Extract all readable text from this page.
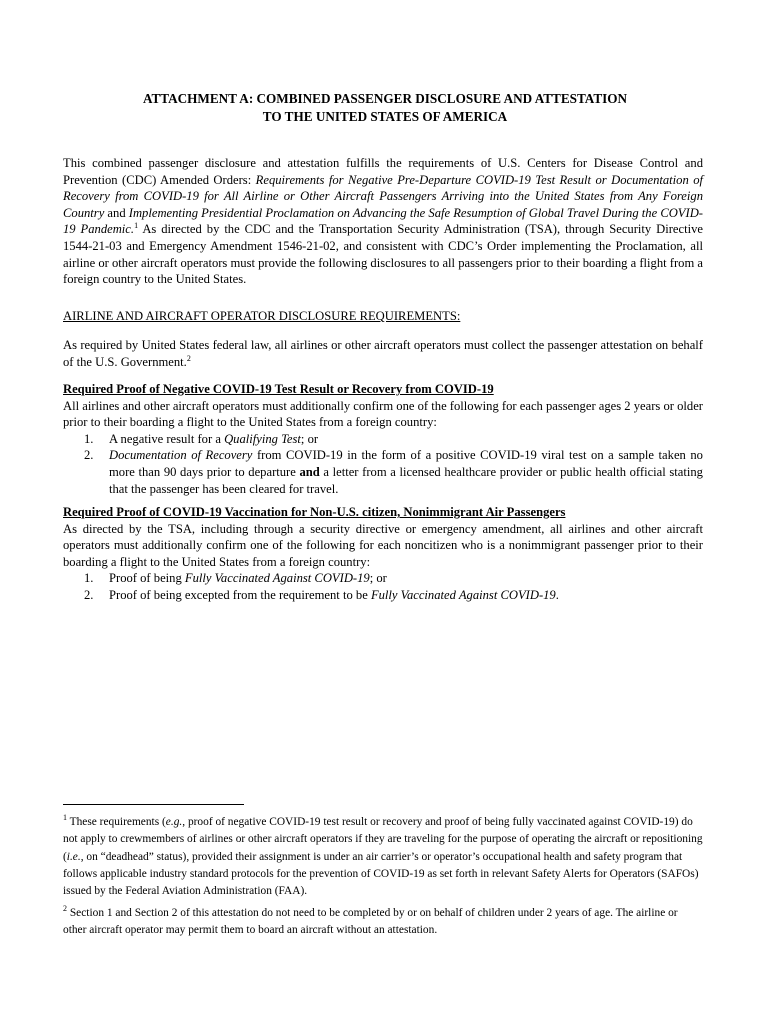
ATTACHMENT A: COMBINED PASSENGER DISCLOSURE AND ATTESTATION
TO THE UNITED STATES OF AMERICA
This combined passenger disclosure and attestation fulfills the requirements of U.S. Centers for Disease Control and Prevention (CDC) Amended Orders: Requirements for Negative Pre-Departure COVID-19 Test Result or Documentation of Recovery from COVID-19 for All Airline or Other Aircraft Passengers Arriving into the United States from Any Foreign Country and Implementing Presidential Proclamation on Advancing the Safe Resumption of Global Travel During the COVID-19 Pandemic.$^1$ As directed by the CDC and the Transportation Security Administration (TSA), through Security Directive 1544-21-03 and Emergency Amendment 1546-21-02, and consistent with CDC’s Order implementing the Proclamation, all airline or other aircraft operators must provide the following disclosures to all passengers prior to their boarding a flight from a foreign country to the United States.
AIRLINE AND AIRCRAFT OPERATOR DISCLOSURE REQUIREMENTS:
As required by United States federal law, all airlines or other aircraft operators must collect the passenger attestation on behalf of the U.S. Government.$^2$
Required Proof of Negative COVID-19 Test Result or Recovery from COVID-19
All airlines and other aircraft operators must additionally confirm one of the following for each passenger ages 2 years or older prior to their boarding a flight to the United States from a foreign country:
1. A negative result for a Qualifying Test; or
2. Documentation of Recovery from COVID-19 in the form of a positive COVID-19 viral test on a sample taken no more than 90 days prior to departure and a letter from a licensed healthcare provider or public health official stating that the passenger has been cleared for travel.
Required Proof of COVID-19 Vaccination for Non-U.S. citizen, Nonimmigrant Air Passengers
As directed by the TSA, including through a security directive or emergency amendment, all airlines and other aircraft operators must additionally confirm one of the following for each noncitizen who is a nonimmigrant passenger prior to their boarding a flight to the United States from a foreign country:
1. Proof of being Fully Vaccinated Against COVID-19; or
2. Proof of being excepted from the requirement to be Fully Vaccinated Against COVID-19.
$^1$ These requirements (e.g., proof of negative COVID-19 test result or recovery and proof of being fully vaccinated against COVID-19) do not apply to crewmembers of airlines or other aircraft operators if they are traveling for the purpose of operating the aircraft or repositioning (i.e., on “deadhead” status), provided their assignment is under an air carrier’s or operator’s occupational health and safety program that follows applicable industry standard protocols for the prevention of COVID-19 as set forth in relevant Safety Alerts for Operators (SAFOs) issued by the Federal Aviation Administration (FAA).
$^2$ Section 1 and Section 2 of this attestation do not need to be completed by or on behalf of children under 2 years of age. The airline or other aircraft operator may permit them to board an aircraft without an attestation.
